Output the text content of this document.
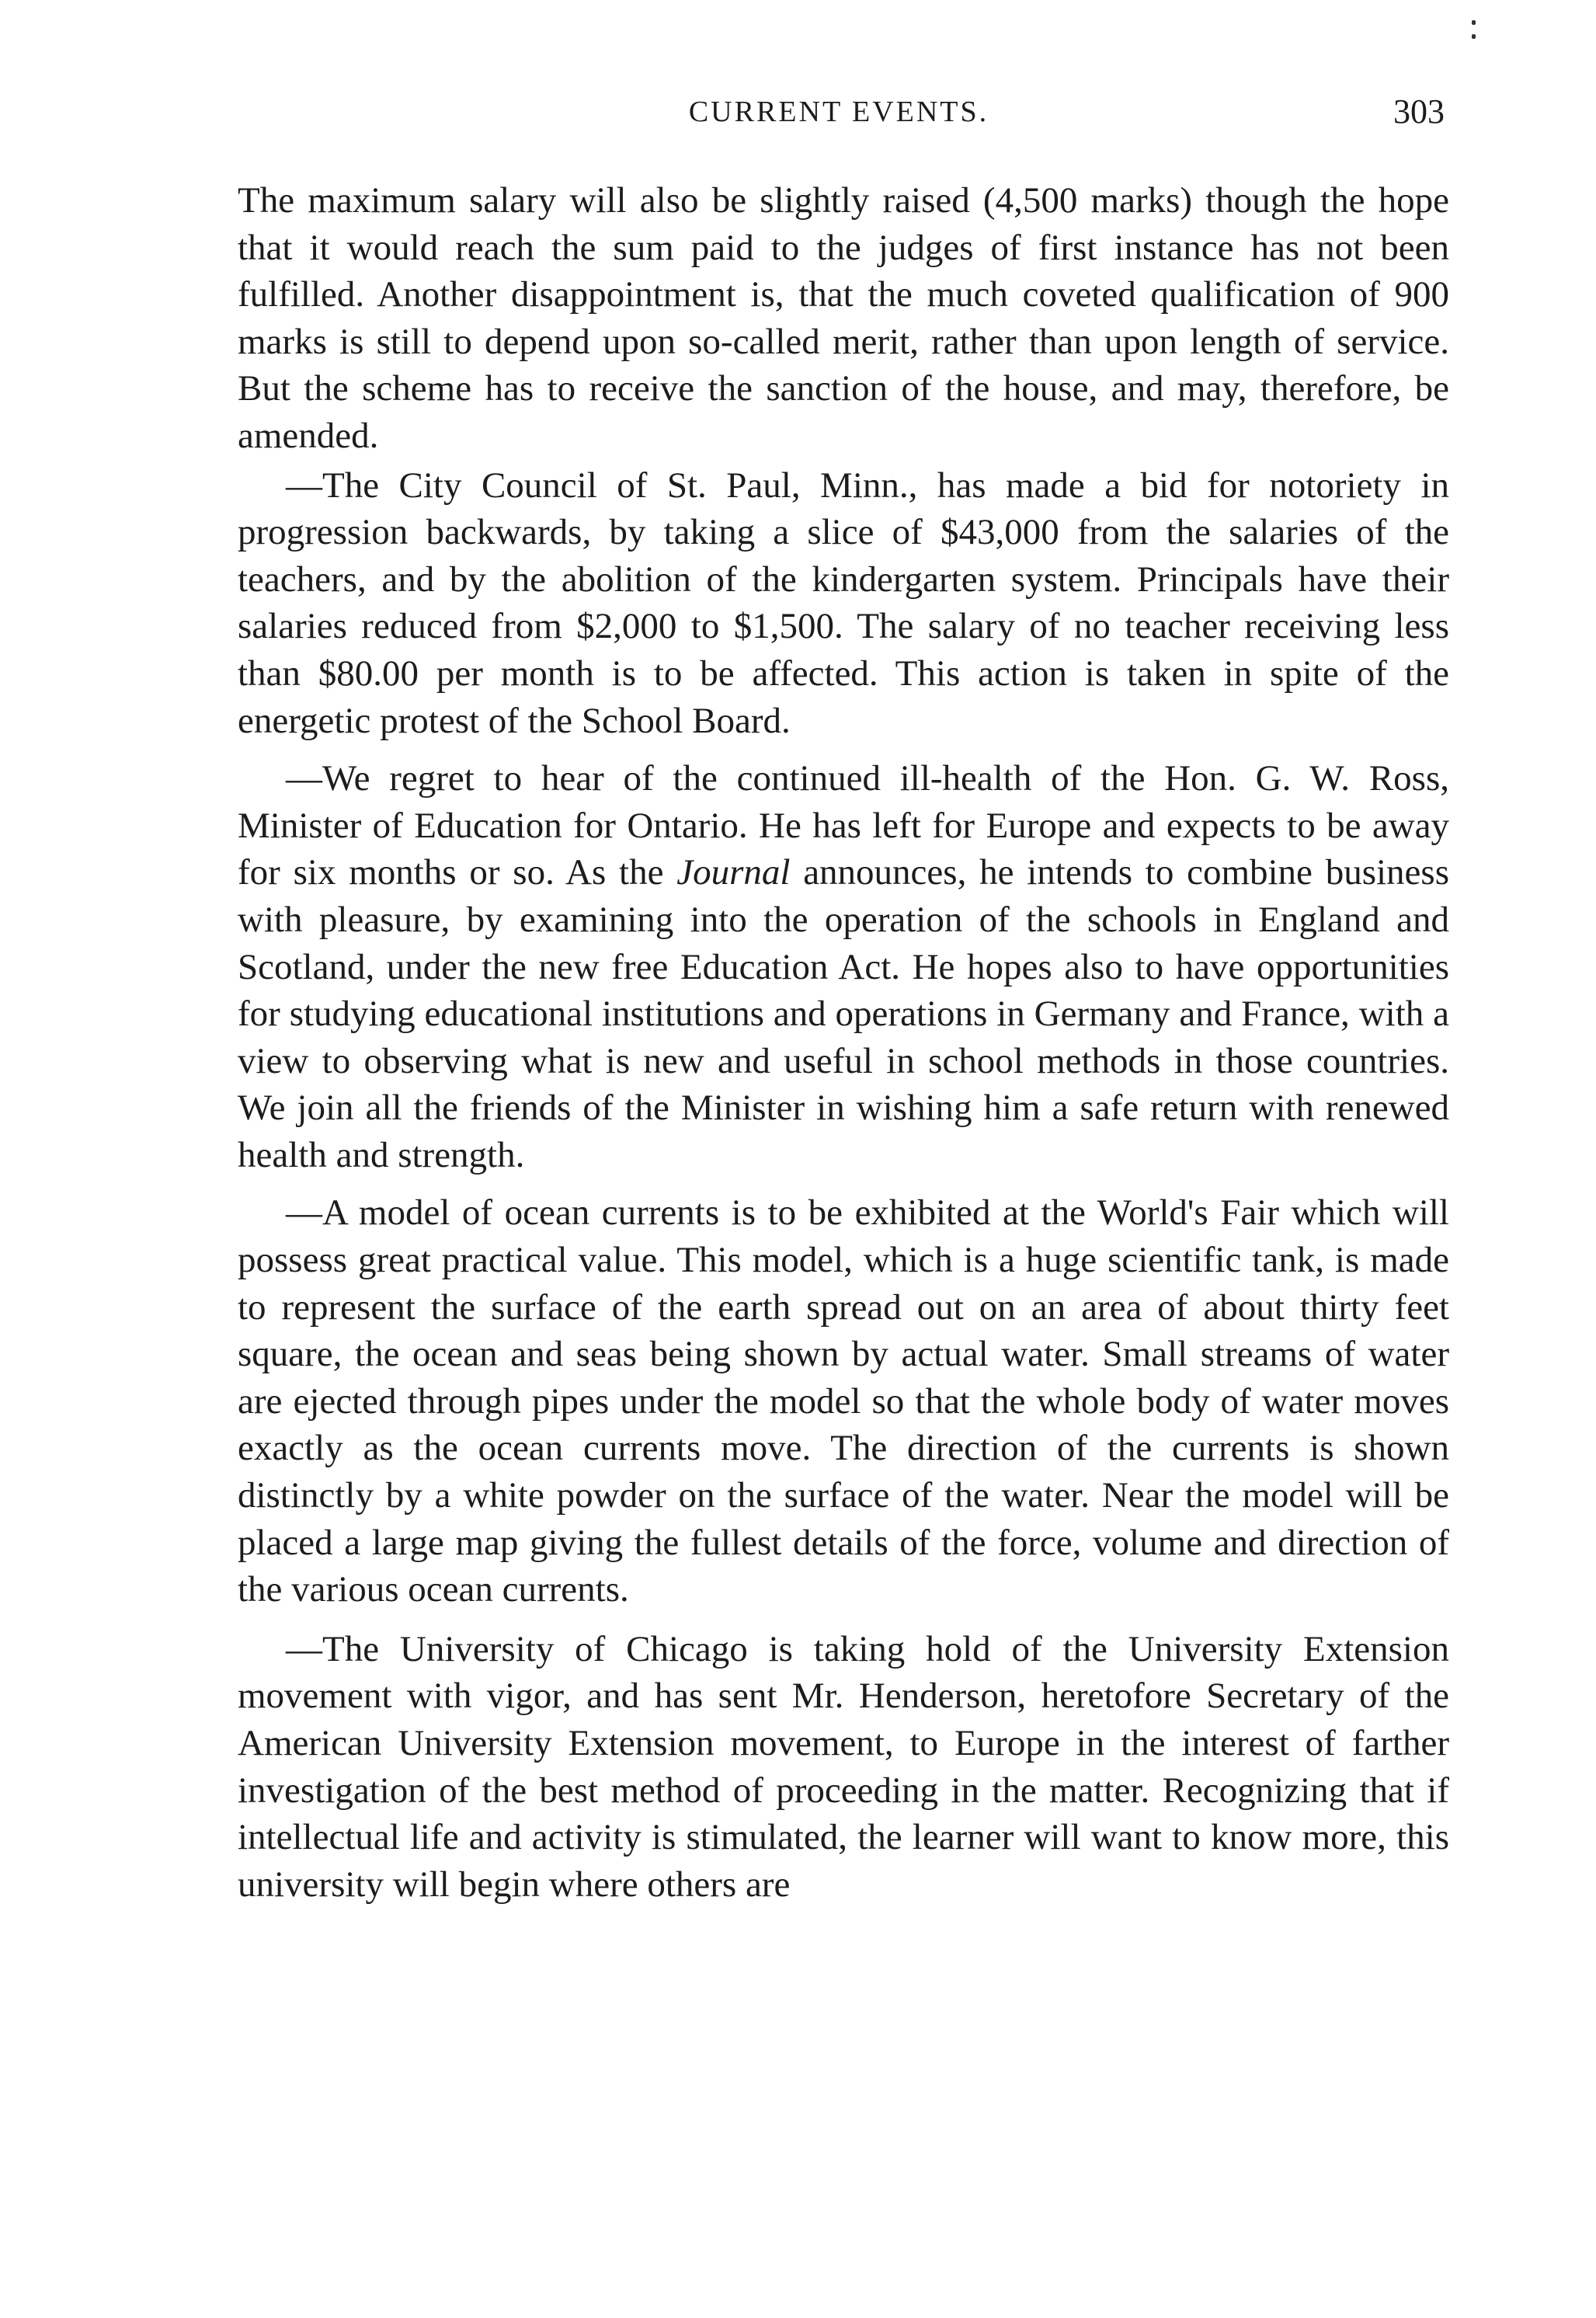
CURRENT EVENTS.	303

The maximum salary will also be slightly raised (4,500 marks) though the hope that it would reach the sum paid to the judges of first instance has not been fulfilled. Another disappointment is, that the much coveted qualification of 900 marks is still to depend upon so-called merit, rather than upon length of service. But the scheme has to receive the sanction of the house, and may, therefore, be amended.

—The City Council of St. Paul, Minn., has made a bid for notoriety in progression backwards, by taking a slice of $43,000 from the salaries of the teachers, and by the abolition of the kindergarten system. Principals have their salaries reduced from $2,000 to $1,500. The salary of no teacher receiving less than $80.00 per month is to be affected. This action is taken in spite of the energetic protest of the School Board.

—We regret to hear of the continued ill-health of the Hon. G. W. Ross, Minister of Education for Ontario. He has left for Europe and expects to be away for six months or so. As the Journal announces, he intends to combine business with pleasure, by examining into the operation of the schools in England and Scotland, under the new free Education Act. He hopes also to have opportunities for studying educational institutions and operations in Germany and France, with a view to observing what is new and useful in school methods in those countries. We join all the friends of the Minister in wishing him a safe return with renewed health and strength.

—A model of ocean currents is to be exhibited at the World's Fair which will possess great practical value. This model, which is a huge scientific tank, is made to represent the surface of the earth spread out on an area of about thirty feet square, the ocean and seas being shown by actual water. Small streams of water are ejected through pipes under the model so that the whole body of water moves exactly as the ocean currents move. The direction of the currents is shown distinctly by a white powder on the surface of the water. Near the model will be placed a large map giving the fullest details of the force, volume and direction of the various ocean currents.

—The University of Chicago is taking hold of the University Extension movement with vigor, and has sent Mr. Henderson, heretofore Secretary of the American University Extension movement, to Europe in the interest of farther investigation of the best method of proceeding in the matter. Recognizing that if intellectual life and activity is stimulated, the learner will want to know more, this university will begin where others are
